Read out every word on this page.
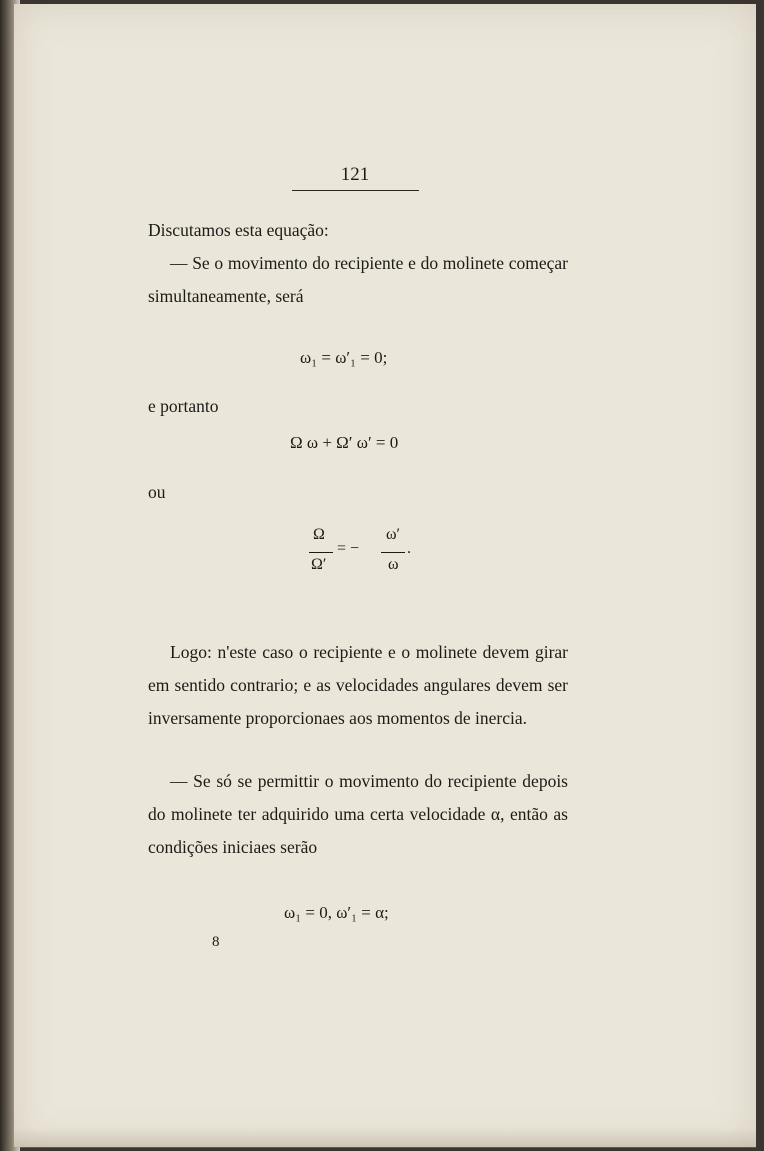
121

Discutamos esta equação:

— Se o movimento do recipiente e do molinete começar simultaneamente, será

ω₁ = ω′₁ = 0;

e portanto

Ω ω + Ω′ ω′ = 0

ou

Ω
Ω′
= −
ω′
ω
.

Logo: n'este caso o recipiente e o molinete devem girar em sentido contrario; e as velocidades angulares devem ser inversamente proporcionaes aos momentos de inercia.

— Se só se permittir o movimento do recipiente depois do molinete ter adquirido uma certa velocidade α, então as condições iniciaes serão

ω₁ = 0, ω′₁ = α;
8
